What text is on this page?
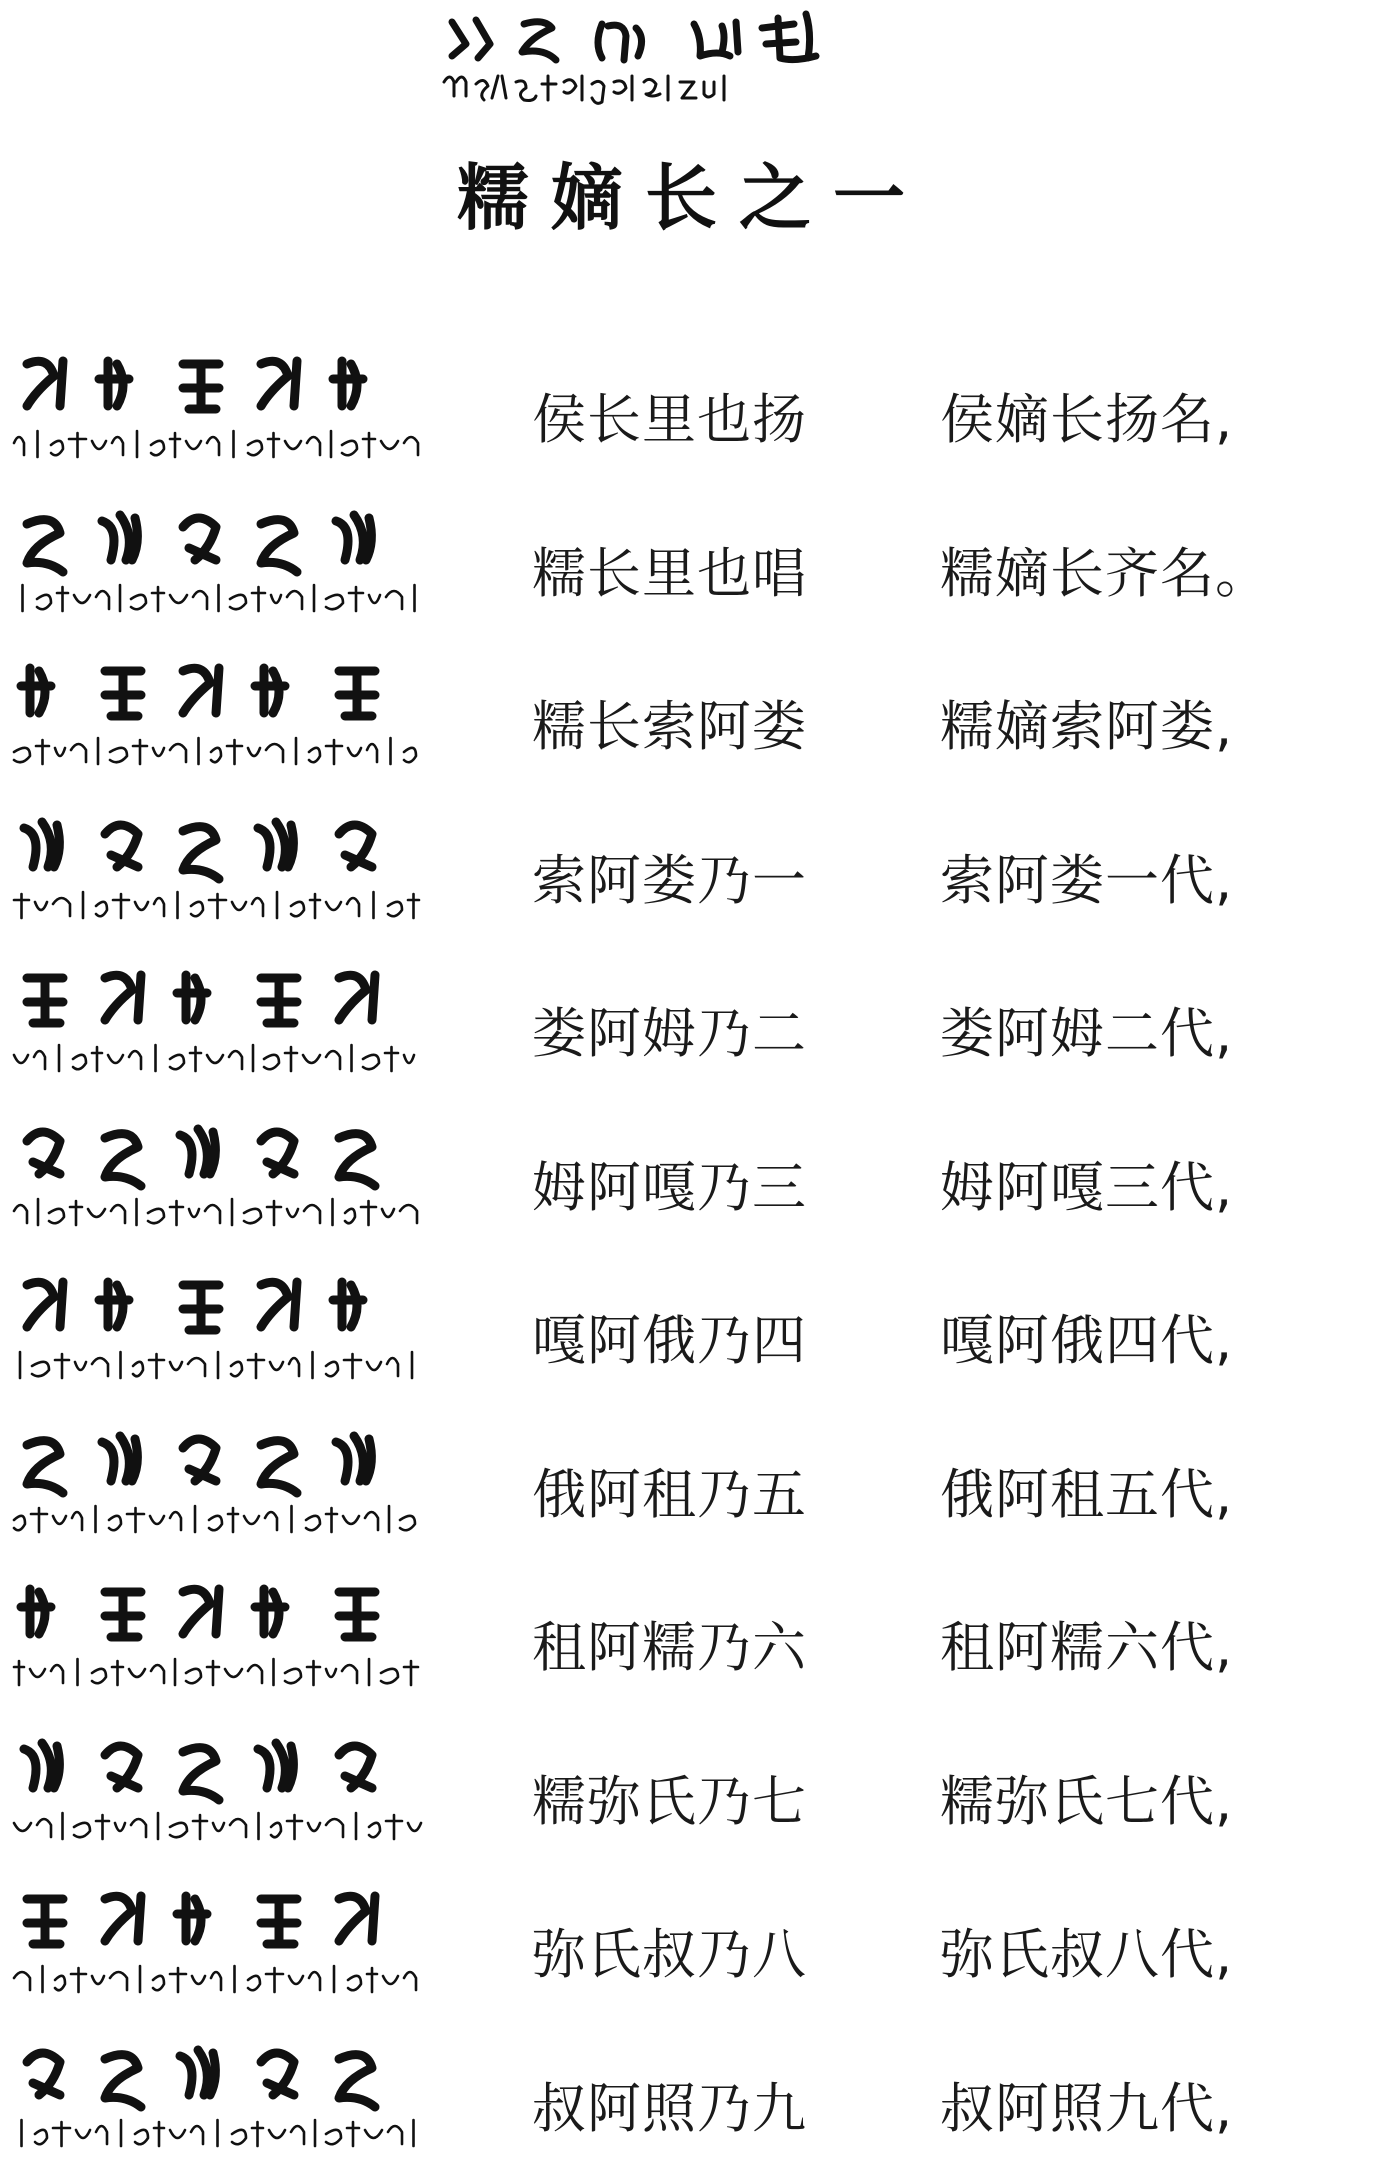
糯嫡长之一
侯长里也扬 侯嫡长扬名,
糯长里也唱 糯嫡长齐名。
糯长索阿娄 糯嫡索阿娄,
索阿娄乃一 索阿娄一代,
娄阿姆乃二 娄阿姆二代,
姆阿嘎乃三 姆阿嘎三代,
嘎阿俄乃四 嘎阿俄四代,
俄阿租乃五 俄阿租五代,
租阿糯乃六 租阿糯六代,
糯弥氏乃七 糯弥氏七代,
弥氏叔乃八 弥氏叔八代,
叔阿照乃九 叔阿照九代,
